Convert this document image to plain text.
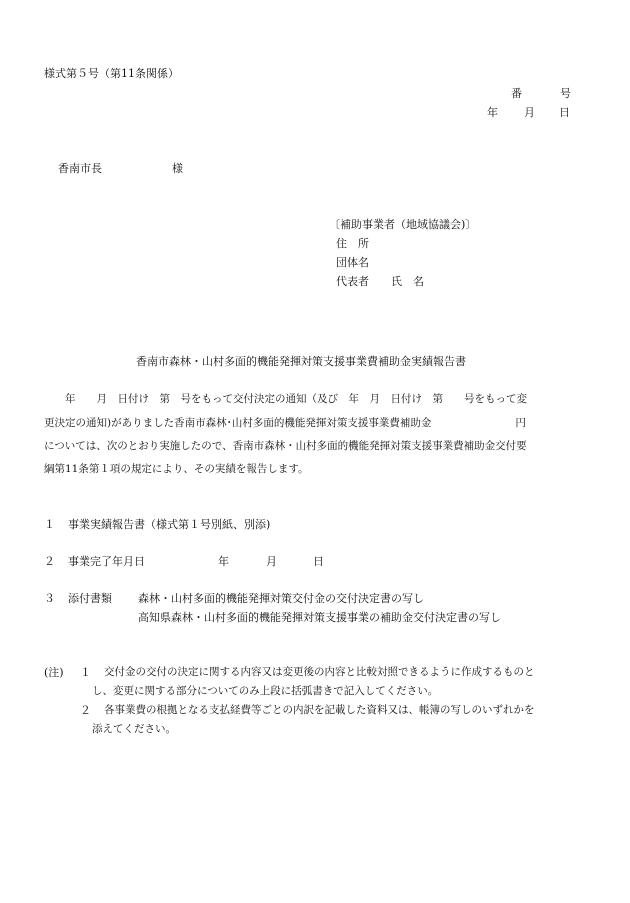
様式第５号（第11条関係）
番	号
年 月 日
香南市長	様
〔補助事業者（地域協議会)〕
住　所
団体名
代表者　　氏　名
香南市森林・山村多面的機能発揮対策支援事業費補助金実績報告書
　　年　　月　日付け　第　号をもって交付決定の通知（及び　年　月　日付け　第　　号をもって変
更決定の通知)がありました香南市森林･山村多面的機能発揮対策支援事業費補助金　　　　　　　　円
については、次のとおり実施したので、香南市森林・山村多面的機能発揮対策支援事業費補助金交付要
綱第11条第１項の規定により、その実績を報告します。
１ 事業実績報告書（様式第１号別紙、別添)
２ 事業完了年月日	年	月	日
３ 添付書類 森林・山村多面的機能発揮対策交付金の交付決定書の写し
高知県森林・山村多面的機能発揮対策支援事業の補助金交付決定書の写し
(注) １ 交付金の交付の決定に関する内容又は変更後の内容と比較対照できるように作成するものと
し、変更に関する部分についてのみ上段に括弧書きで記入してください。
２ 各事業費の根拠となる支払経費等ごとの内訳を記載した資料又は、帳簿の写しのいずれかを
添えてください。
